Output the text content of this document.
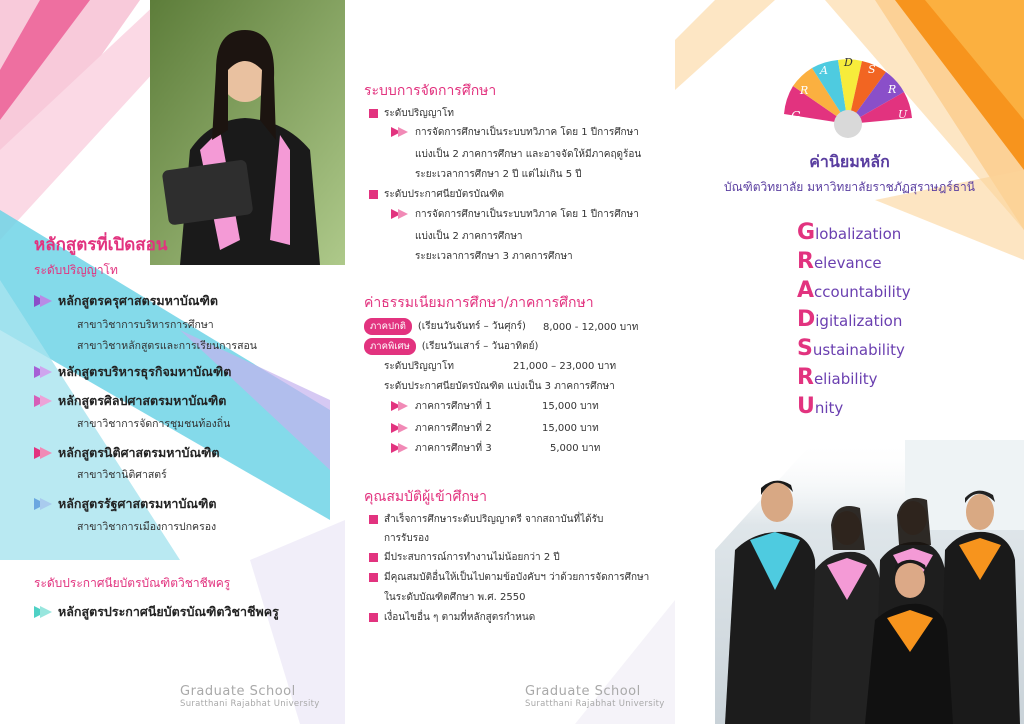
หลักสูตรที่เปิดสอน
ระดับปริญญาโท
หลักสูตรครุศาสตรมหาบัณฑิต
สาขาวิชาการบริหารการศึกษา
สาขาวิชาหลักสูตรและการเรียนการสอน
หลักสูตรบริหารธุรกิจมหาบัณฑิต
หลักสูตรศิลปศาสตรมหาบัณฑิต
สาขาวิชาการจัดการชุมชนท้องถิ่น
หลักสูตรนิติศาสตรมหาบัณฑิต
สาขาวิชานิติศาสตร์
หลักสูตรรัฐศาสตรมหาบัณฑิต
สาขาวิชาการเมืองการปกครอง
ระดับประกาศนียบัตรบัณฑิตวิชาชีพครู
หลักสูตรประกาศนียบัตรบัณฑิตวิชาชีพครู
Graduate School
Suratthani Rajabhat University
ระบบการจัดการศึกษา
ระดับปริญญาโท
การจัดการศึกษาเป็นระบบทวิภาค โดย 1 ปีการศึกษา
แบ่งเป็น 2 ภาคการศึกษา และอาจจัดให้มีภาคฤดูร้อน
ระยะเวลาการศึกษา 2 ปี แต่ไม่เกิน 5 ปี
ระดับประกาศนียบัตรบัณฑิต
การจัดการศึกษาเป็นระบบทวิภาค โดย 1 ปีการศึกษา
แบ่งเป็น 2 ภาคการศึกษา
ระยะเวลาการศึกษา 3 ภาคการศึกษา
ค่าธรรมเนียมการศึกษา/ภาคการศึกษา
ภาคปกติ (เรียนวันจันทร์ – วันศุกร์) 8,000 - 12,000 บาท
ภาคพิเศษ (เรียนวันเสาร์ – วันอาทิตย์)
ระดับปริญญาโท	21,000 – 23,000 บาท
ระดับประกาศนียบัตรบัณฑิต แบ่งเป็น 3 ภาคการศึกษา
ภาคการศึกษาที่ 1	15,000 บาท
ภาคการศึกษาที่ 2	15,000 บาท
ภาคการศึกษาที่ 3	5,000 บาท
คุณสมบัติผู้เข้าศึกษา
สำเร็จการศึกษาระดับปริญญาตรี จากสถาบันที่ได้รับ
การรับรอง
มีประสบการณ์การทำงานไม่น้อยกว่า 2 ปี
มีคุณสมบัติอื่นให้เป็นไปตามข้อบังคับฯ ว่าด้วยการจัดการศึกษา
ในระดับบัณฑิตศึกษา พ.ศ. 2550
เงื่อนไขอื่น ๆ ตามที่หลักสูตรกำหนด
Graduate School
Suratthani Rajabhat University
G
R
A
D
S
R
U
ค่านิยมหลัก
บัณฑิตวิทยาลัย มหาวิทยาลัยราชภัฏสุราษฎร์ธานี
Globalization
Relevance
Accountability
Digitalization
Sustainability
Reliability
Unity
